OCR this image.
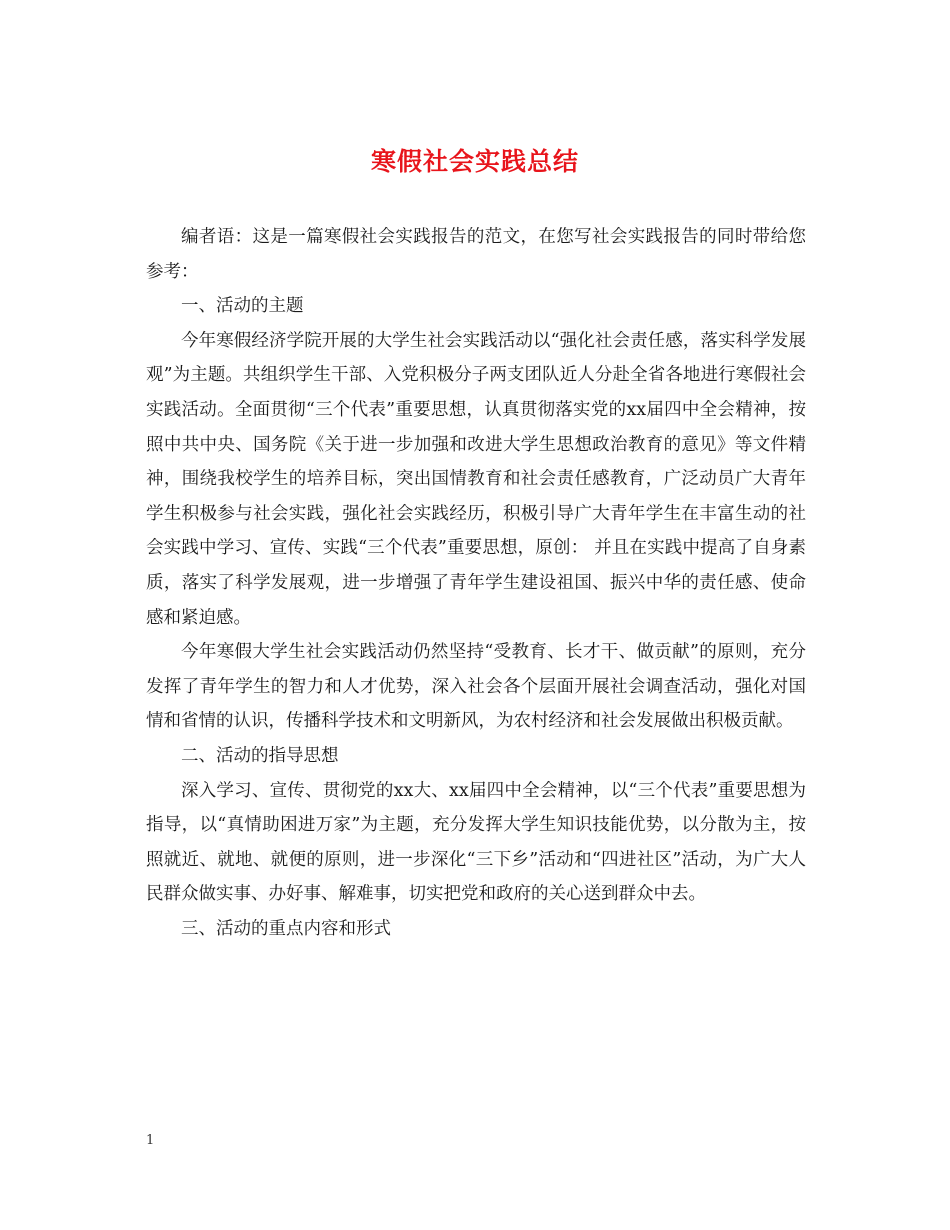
寒假社会实践总结

编者语：这是一篇寒假社会实践报告的范文，在您写社会实践报告的同时带给您参考：

一、活动的主题

今年寒假经济学院开展的大学生社会实践活动以“强化社会责任感，落实科学发展观”为主题。共组织学生干部、入党积极分子两支团队近人分赴全省各地进行寒假社会实践活动。全面贯彻“三个代表”重要思想，认真贯彻落实党的xx届四中全会精神，按照中共中央、国务院《关于进一步加强和改进大学生思想政治教育的意见》等文件精神，围绕我校学生的培养目标，突出国情教育和社会责任感教育，广泛动员广大青年学生积极参与社会实践，强化社会实践经历，积极引导广大青年学生在丰富生动的社会实践中学习、宣传、实践“三个代表”重要思想，原创： 并且在实践中提高了自身素质，落实了科学发展观，进一步增强了青年学生建设祖国、振兴中华的责任感、使命感和紧迫感。

今年寒假大学生社会实践活动仍然坚持“受教育、长才干、做贡献”的原则，充分发挥了青年学生的智力和人才优势，深入社会各个层面开展社会调查活动，强化对国情和省情的认识，传播科学技术和文明新风，为农村经济和社会发展做出积极贡献。

二、活动的指导思想

深入学习、宣传、贯彻党的xx大、xx届四中全会精神，以“三个代表”重要思想为指导，以“真情助困进万家”为主题，充分发挥大学生知识技能优势，以分散为主，按照就近、就地、就便的原则，进一步深化“三下乡”活动和“四进社区”活动，为广大人民群众做实事、办好事、解难事，切实把党和政府的关心送到群众中去。

三、活动的重点内容和形式

1
